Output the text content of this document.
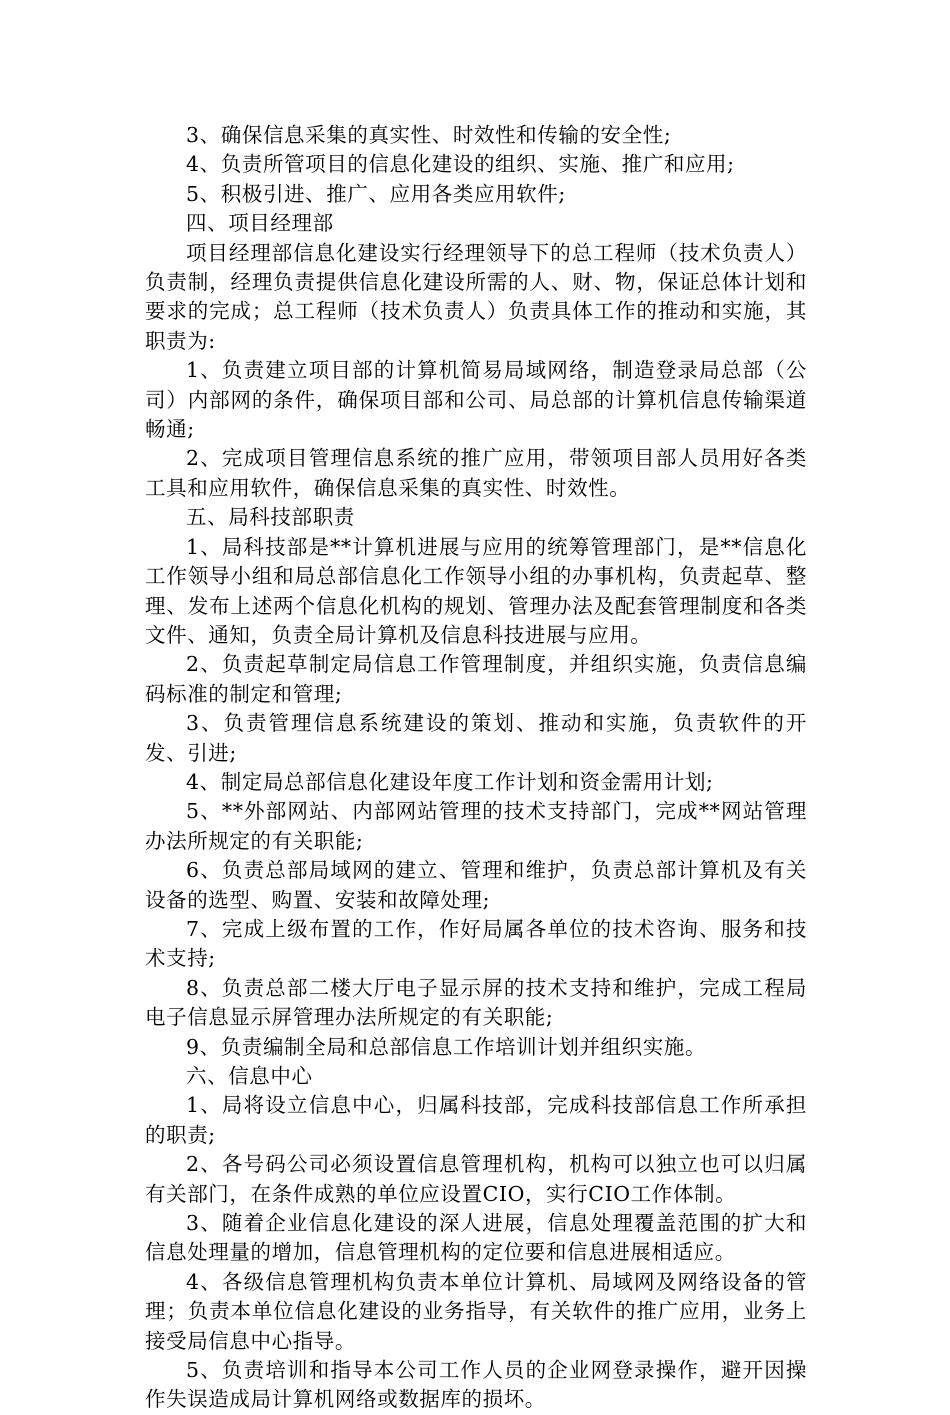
3、确保信息采集的真实性、时效性和传输的安全性;

4、负责所管项目的信息化建设的组织、实施、推广和应用;

5、积极引进、推广、应用各类应用软件;

四、项目经理部

项目经理部信息化建设实行经理领导下的总工程师（技术负责人）负责制，经理负责提供信息化建设所需的人、财、物，保证总体计划和要求的完成；总工程师（技术负责人）负责具体工作的推动和实施，其职责为:

1、负责建立项目部的计算机简易局域网络，制造登录局总部（公司）内部网的条件，确保项目部和公司、局总部的计算机信息传输渠道畅通;

2、完成项目管理信息系统的推广应用，带领项目部人员用好各类工具和应用软件，确保信息采集的真实性、时效性。

五、局科技部职责

1、局科技部是**计算机进展与应用的统筹管理部门，是**信息化工作领导小组和局总部信息化工作领导小组的办事机构，负责起草、整理、发布上述两个信息化机构的规划、管理办法及配套管理制度和各类文件、通知，负责全局计算机及信息科技进展与应用。

2、负责起草制定局信息工作管理制度，并组织实施，负责信息编码标准的制定和管理;

3、负责管理信息系统建设的策划、推动和实施，负责软件的开发、引进;

4、制定局总部信息化建设年度工作计划和资金需用计划;

5、**外部网站、内部网站管理的技术支持部门，完成**网站管理办法所规定的有关职能;

6、负责总部局域网的建立、管理和维护，负责总部计算机及有关设备的选型、购置、安装和故障处理;

7、完成上级布置的工作，作好局属各单位的技术咨询、服务和技术支持;

8、负责总部二楼大厅电子显示屏的技术支持和维护，完成工程局电子信息显示屏管理办法所规定的有关职能;

9、负责编制全局和总部信息工作培训计划并组织实施。

六、信息中心

1、局将设立信息中心，归属科技部，完成科技部信息工作所承担的职责;

2、各号码公司必须设置信息管理机构，机构可以独立也可以归属有关部门，在条件成熟的单位应设置CIO，实行CIO工作体制。

3、随着企业信息化建设的深人进展，信息处理覆盖范围的扩大和信息处理量的增加，信息管理机构的定位要和信息进展相适应。

4、各级信息管理机构负责本单位计算机、局域网及网络设备的管理；负责本单位信息化建设的业务指导，有关软件的推广应用，业务上接受局信息中心指导。

5、负责培训和指导本公司工作人员的企业网登录操作，避开因操作失误造成局计算机网络或数据库的损坏。
